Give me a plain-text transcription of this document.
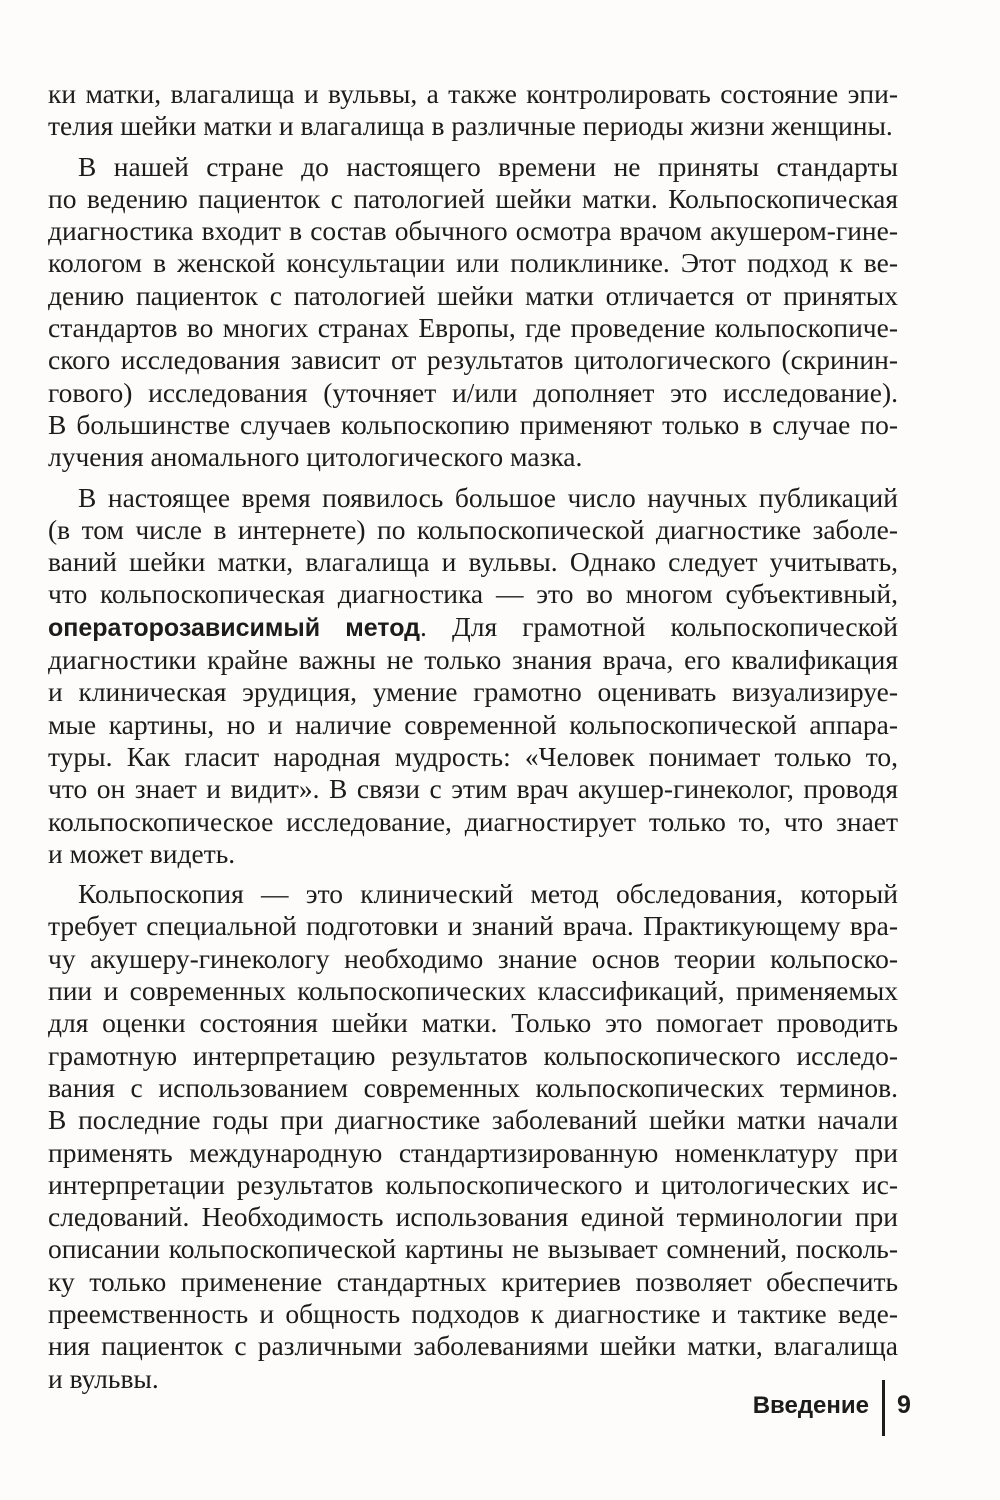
ки матки, влагалища и вульвы, а также контролировать состояние эпи-
телия шейки матки и влагалища в различные периоды жизни женщины.
В нашей стране до настоящего времени не приняты стандарты
по ведению пациенток с патологией шейки матки. Кольпоскопическая
диагностика входит в состав обычного осмотра врачом акушером-гине-
кологом в женской консультации или поликлинике. Этот подход к ве-
дению пациенток с патологией шейки матки отличается от принятых
стандартов во многих странах Европы, где проведение кольпоскопиче-
ского исследования зависит от результатов цитологического (скринин-
гового) исследования (уточняет и/или дополняет это исследование).
В большинстве случаев кольпоскопию применяют только в случае по-
лучения аномального цитологического мазка.
В настоящее время появилось большое число научных публикаций
(в том числе в интернете) по кольпоскопической диагностике заболе-
ваний шейки матки, влагалища и вульвы. Однако следует учитывать,
что кольпоскопическая диагностика — это во многом субъективный,
операторозависимый метод. Для грамотной кольпоскопической
диагностики крайне важны не только знания врача, его квалификация
и клиническая эрудиция, умение грамотно оценивать визуализируе-
мые картины, но и наличие современной кольпоскопической аппара-
туры. Как гласит народная мудрость: «Человек понимает только то,
что он знает и видит». В связи с этим врач акушер-гинеколог, проводя
кольпоскопическое исследование, диагностирует только то, что знает
и может видеть.
Кольпоскопия — это клинический метод обследования, который
требует специальной подготовки и знаний врача. Практикующему вра-
чу акушеру-гинекологу необходимо знание основ теории кольпоско-
пии и современных кольпоскопических классификаций, применяемых
для оценки состояния шейки матки. Только это помогает проводить
грамотную интерпретацию результатов кольпоскопического исследо-
вания с использованием современных кольпоскопических терминов.
В последние годы при диагностике заболеваний шейки матки начали
применять международную стандартизированную номенклатуру при
интерпретации результатов кольпоскопического и цитологических ис-
следований. Необходимость использования единой терминологии при
описании кольпоскопической картины не вызывает сомнений, посколь-
ку только применение стандартных критериев позволяет обеспечить
преемственность и общность подходов к диагностике и тактике веде-
ния пациенток с различными заболеваниями шейки матки, влагалища
и вульвы.
Введение 9
